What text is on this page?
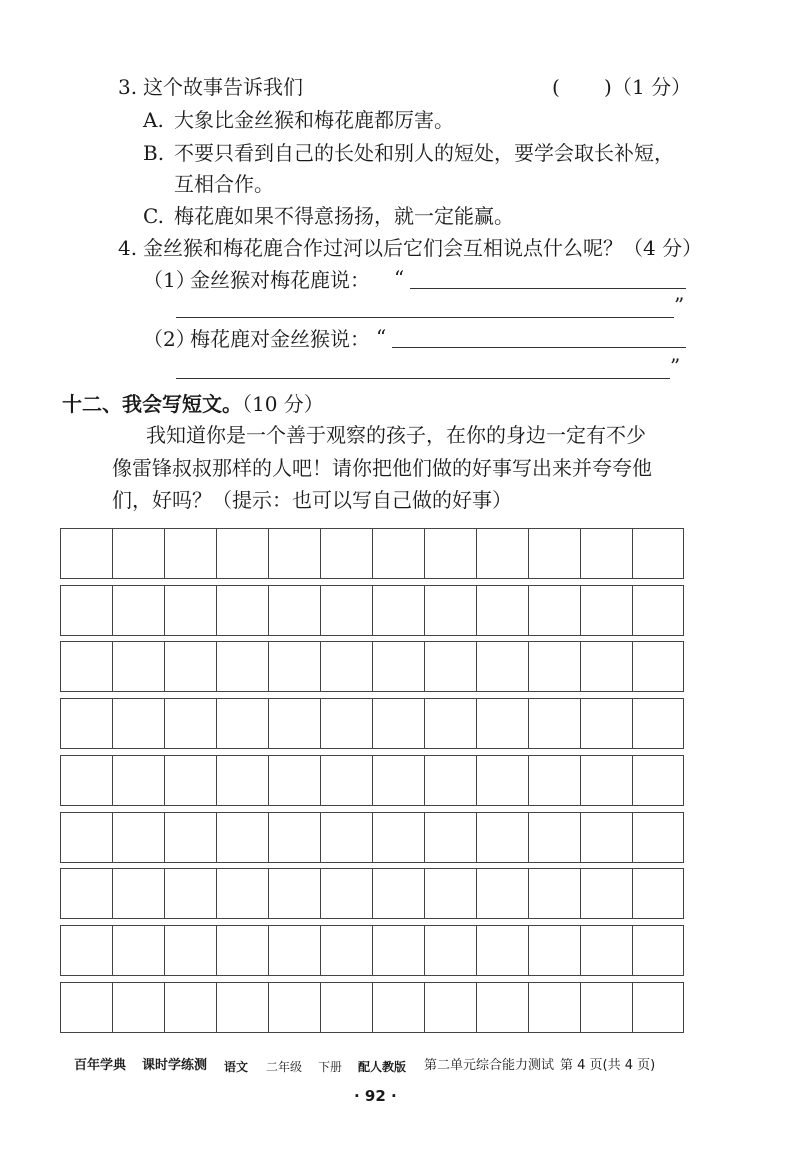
3. 这个故事告诉我们	( ) （1 分）
A. 大象比金丝猴和梅花鹿都厉害。
B. 不要只看到自己的长处和别人的短处，要学会取长补短，
互相合作。
C. 梅花鹿如果不得意扬扬，就一定能赢。
4. 金丝猴和梅花鹿合作过河以后它们会互相说点什么呢？（4 分）
（1）
金丝猴对梅花鹿说： “
”
（2）
梅花鹿对金丝猴说： “
”
十二、我会写短文。
（10 分）
我知道你是一个善于观察的孩子，在你的身边一定有不少
像雷锋叔叔那样的人吧！请你把他们做的好事写出来并夸夸他
们，好吗？（提示：也可以写自己做的好事）
百年学典 课时学练测 语文 二年级 下册 配人教版 第二单元综合能力测试 第 4 页(共 4 页)
· 92 ·
